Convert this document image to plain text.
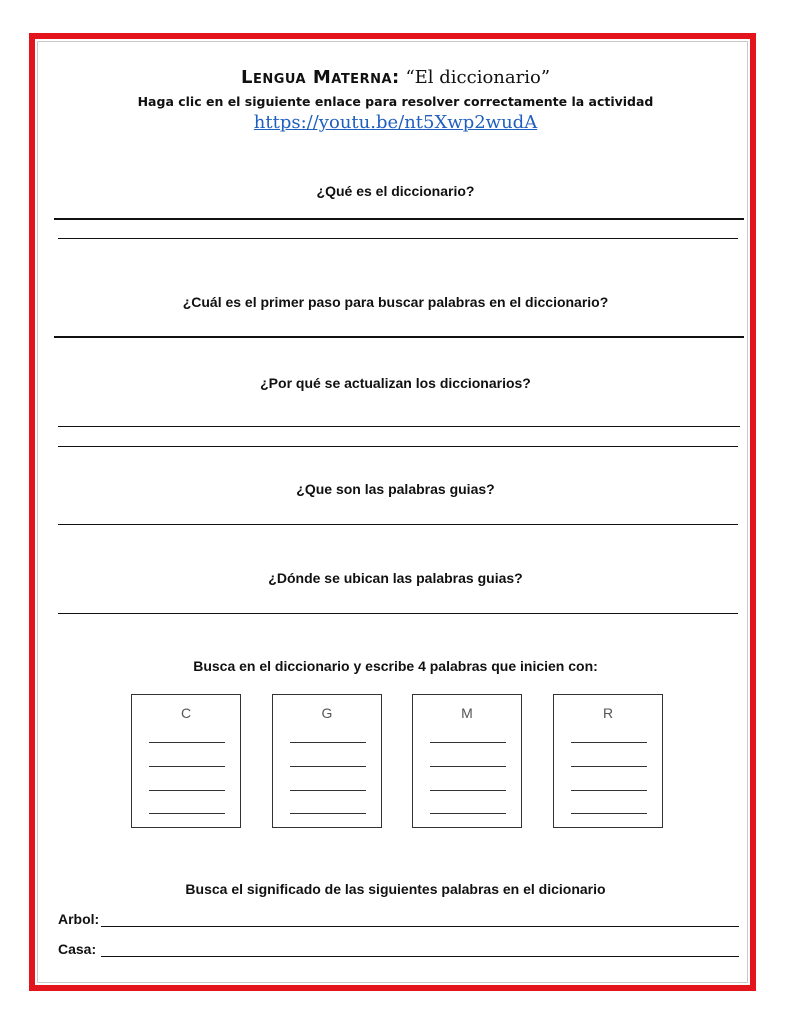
Lengua Materna: “El diccionario”
Haga clic en el siguiente enlace para resolver correctamente la actividad
https://youtu.be/nt5Xwp2wudA
¿Qué es el diccionario?
¿Cuál es el primer paso para buscar palabras en el diccionario?
¿Por qué se actualizan los diccionarios?
¿Que son las palabras guias?
¿Dónde se ubican las palabras guias?
Busca en el diccionario y escribe 4 palabras que inicien con:
C	G	M	R
Busca el significado de las siguientes palabras en el dicionario
Arbol:
Casa:
